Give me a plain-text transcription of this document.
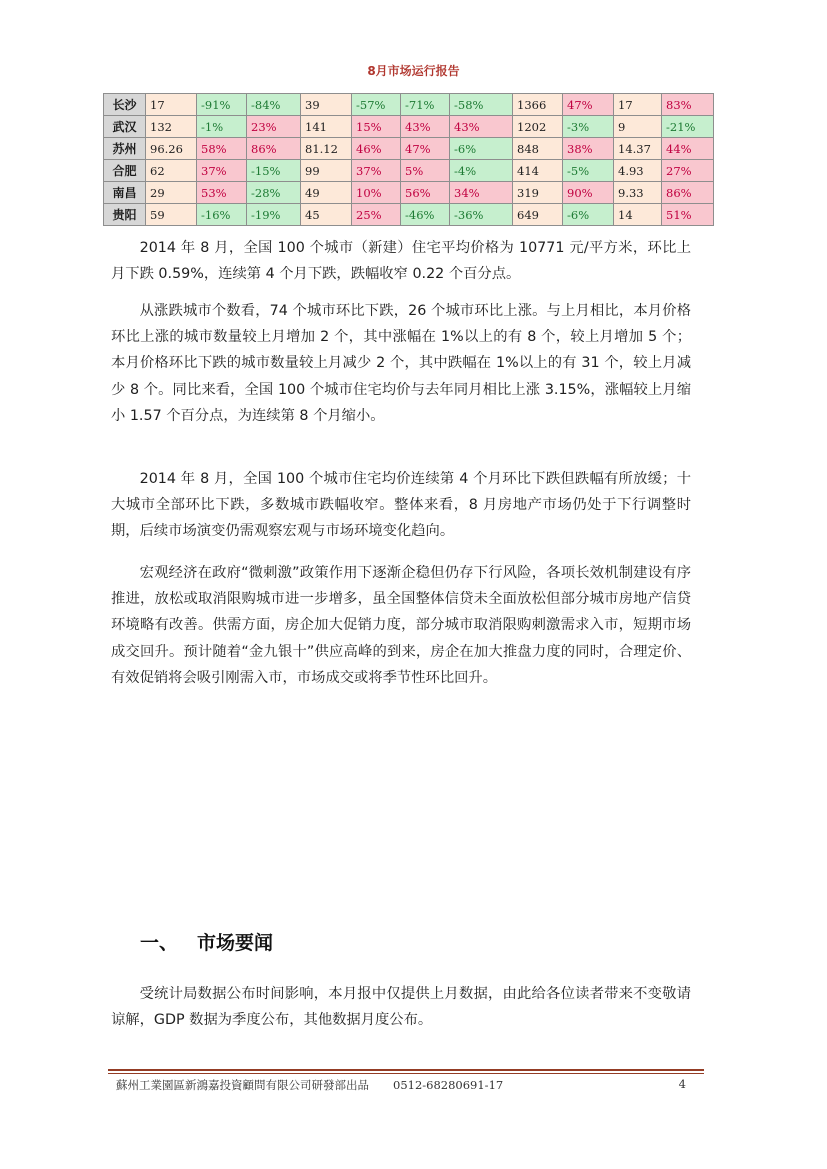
8月市场运行报告
长沙	17	-91%	-84%	39	-57%	-71%	-58%	1366	47%	17	83%
武汉	132	-1%	23%	141	15%	43%	43%	1202	-3%	9	-21%
苏州	96.26	58%	86%	81.12	46%	47%	-6%	848	38%	14.37	44%
合肥	62	37%	-15%	99	37%	5%	-4%	414	-5%	4.93	27%
南昌	29	53%	-28%	49	10%	56%	34%	319	90%	9.33	86%
贵阳	59	-16%	-19%	45	25%	-46%	-36%	649	-6%	14	51%

2014 年 8 月，全国 100 个城市（新建）住宅平均价格为 10771 元/平方米，环比上月下跌 0.59%，连续第 4 个月下跌，跌幅收窄 0.22 个百分点。

从涨跌城市个数看，74 个城市环比下跌，26 个城市环比上涨。与上月相比，本月价格环比上涨的城市数量较上月增加 2 个，其中涨幅在 1%以上的有 8 个，较上月增加 5 个；本月价格环比下跌的城市数量较上月减少 2 个，其中跌幅在 1%以上的有 31 个，较上月减少 8 个。同比来看，全国 100 个城市住宅均价与去年同月相比上涨 3.15%，涨幅较上月缩小 1.57 个百分点，为连续第 8 个月缩小。

2014 年 8 月，全国 100 个城市住宅均价连续第 4 个月环比下跌但跌幅有所放缓；十大城市全部环比下跌，多数城市跌幅收窄。整体来看，8 月房地产市场仍处于下行调整时期，后续市场演变仍需观察宏观与市场环境变化趋向。

宏观经济在政府“微刺激”政策作用下逐渐企稳但仍存下行风险，各项长效机制建设有序推进，放松或取消限购城市进一步增多，虽全国整体信贷未全面放松但部分城市房地产信贷环境略有改善。供需方面，房企加大促销力度，部分城市取消限购刺激需求入市，短期市场成交回升。预计随着“金九银十”供应高峰的到来，房企在加大推盘力度的同时，合理定价、有效促销将会吸引刚需入市，市场成交或将季节性环比回升。

一、 市场要闻

受统计局数据公布时间影响，本月报中仅提供上月数据，由此给各位读者带来不变敬请谅解，GDP 数据为季度公布，其他数据月度公布。

蘇州工業園區新鴻嘉投資顧問有限公司研發部出品 0512-68280691-17	4
